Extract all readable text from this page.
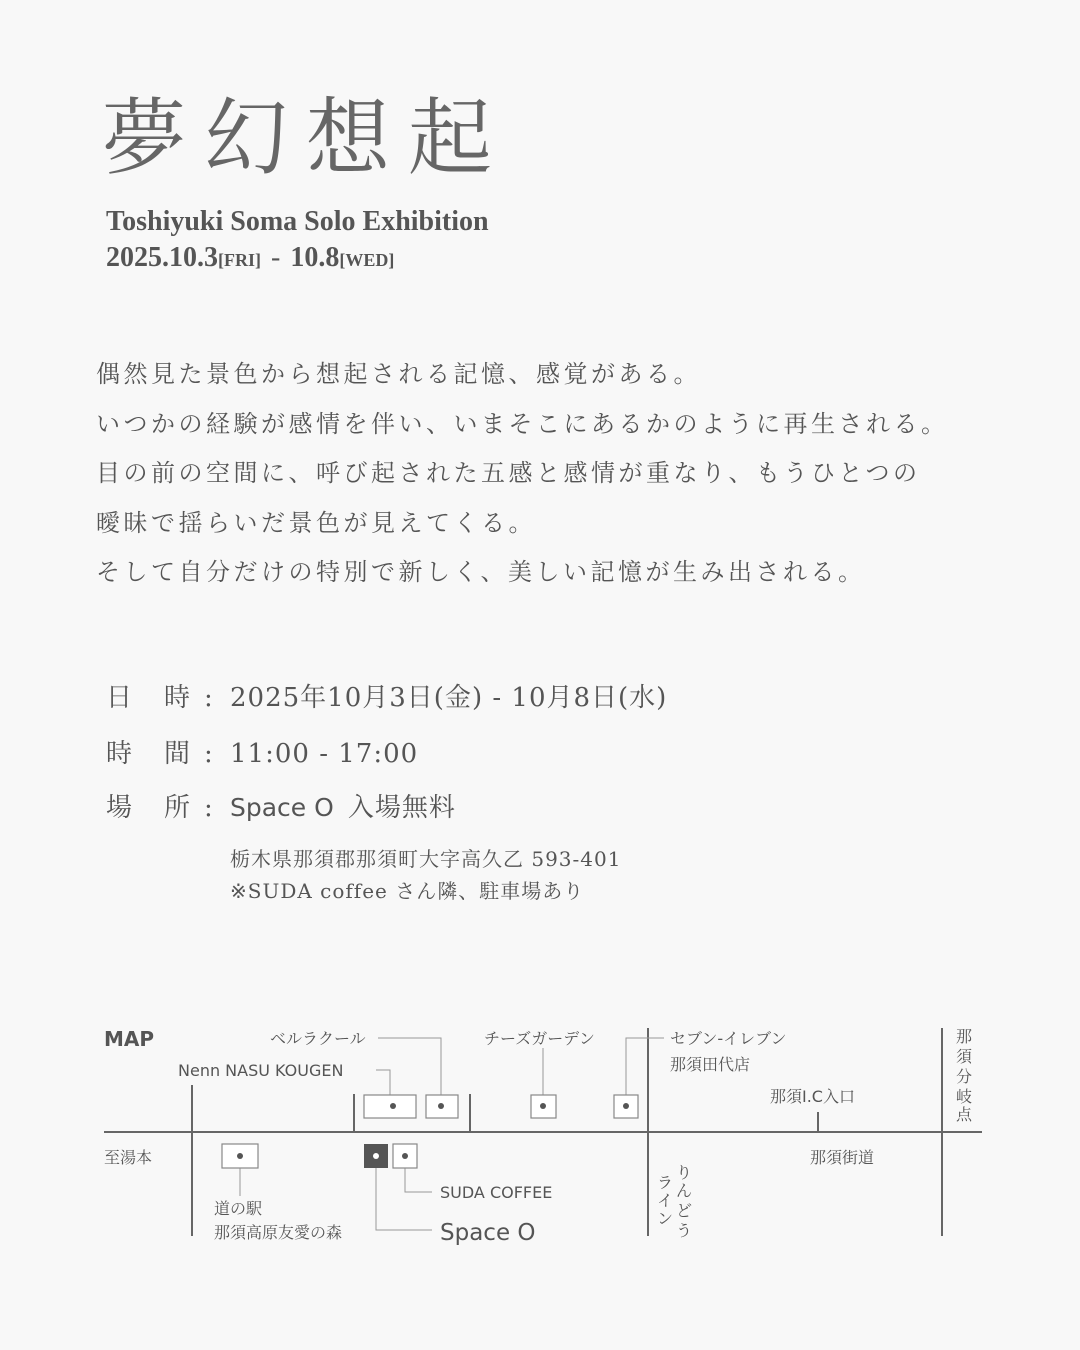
夢幻想起
Toshiyuki Soma Solo Exhibition
2025.10.3[FRI] - 10.8[WED]

偶然見た景色から想起される記憶、感覚がある。

いつかの経験が感情を伴い、いまそこにあるかのように再生される。

目の前の空間に、呼び起された五感と感情が重なり、もうひとつの

曖昧で揺らいだ景色が見えてくる。

そして自分だけの特別で新しく、美しい記憶が生み出される。

日 時 : 2025年10月3日(金) - 10月8日(水)
時 間 : 11:00 - 17:00
場 所 : Space O 入場無料
栃木県那須郡那須町大字高久乙 593-401
※SUDA coffee さん隣、駐車場あり
MAP	ベルラクール	チーズガーデン	セブン-イレブン
那須田代店
Nenn NASU KOUGEN
那須I.C入口
至湯本	那須街道
SUDA COFFEE
Space O
道の駅
那須高原友愛の森
那
須
分
岐
点
ラ
イ
ン
り
ん
ど
う
